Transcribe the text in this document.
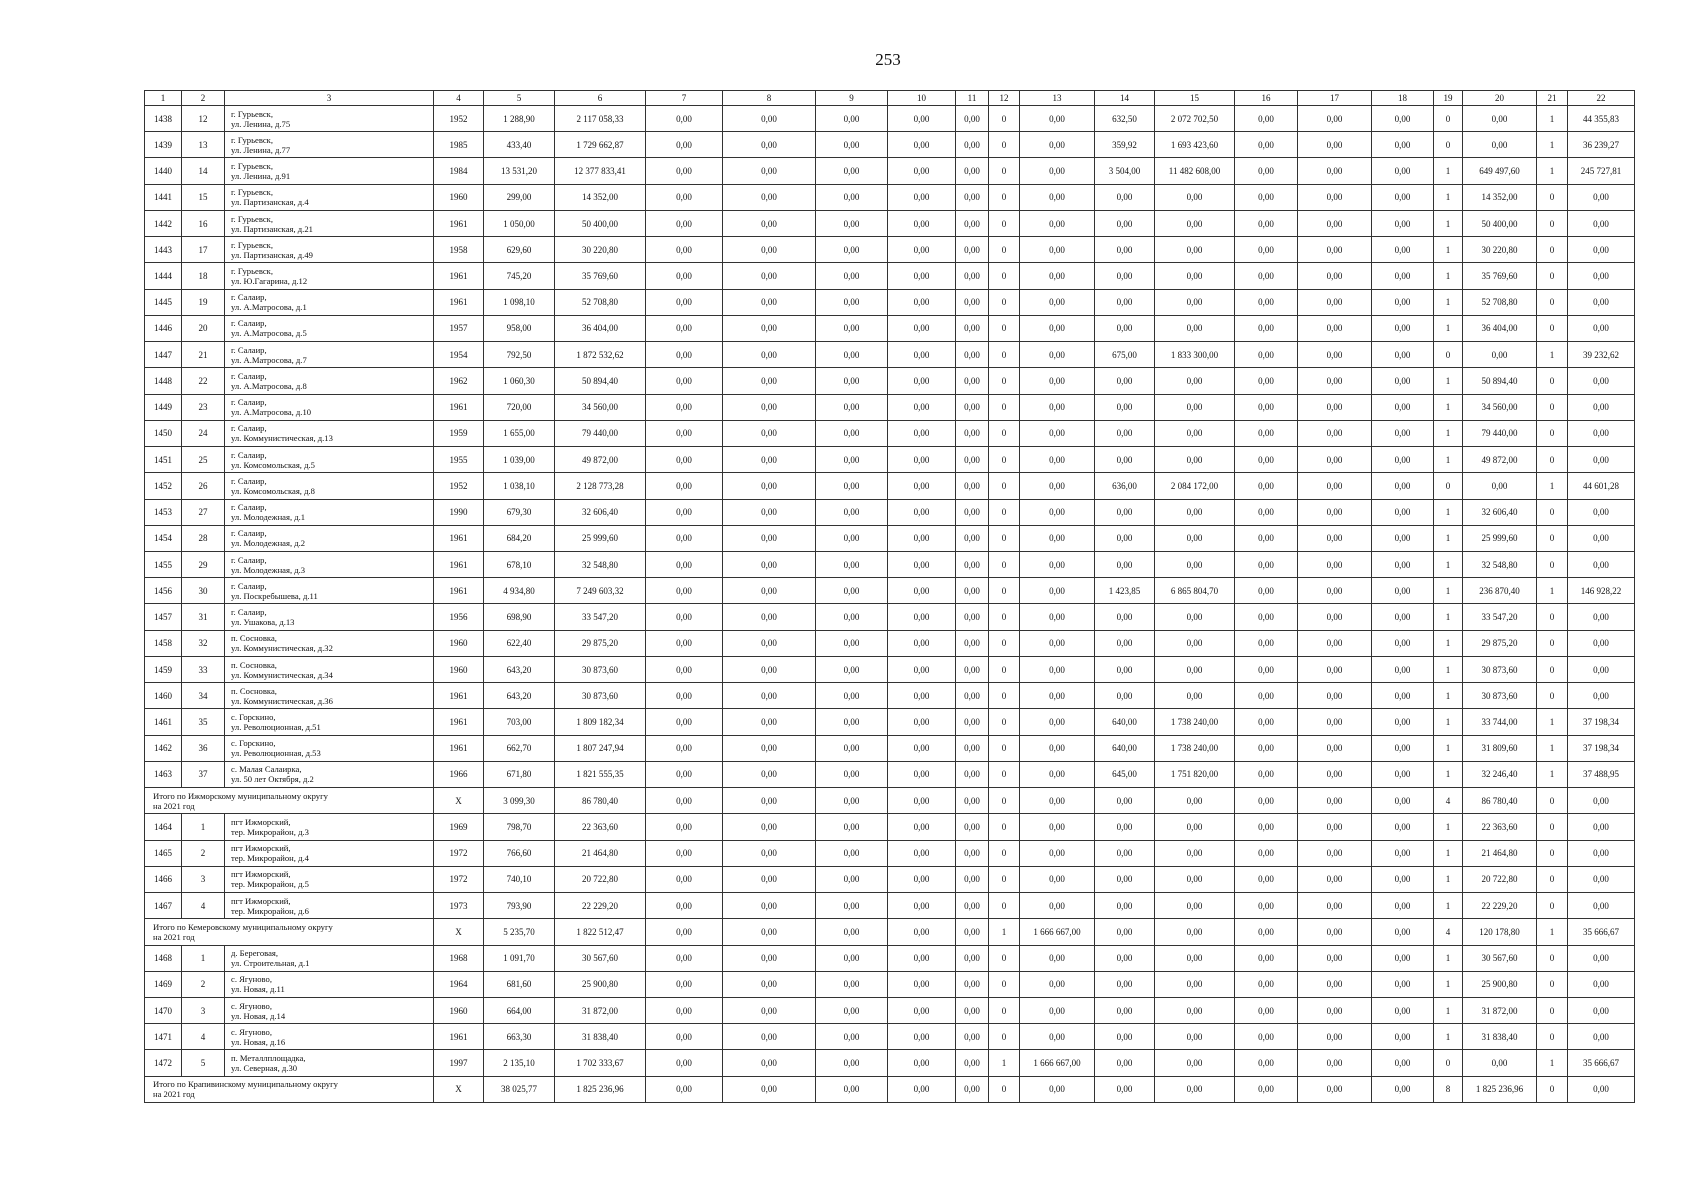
253
1	2	3	4	5	6	7	8	9	10	11	12	13	14	15	16	17	18	19	20	21	22
1438	12	г. Гурьевск,
ул. Ленина, д.75	1952	1 288,90	2 117 058,33	0,00	0,00	0,00	0,00	0,00	0	0,00	632,50	2 072 702,50	0,00	0,00	0,00	0	0,00	1	44 355,83
1439	13	г. Гурьевск,
ул. Ленина, д.77	1985	433,40	1 729 662,87	0,00	0,00	0,00	0,00	0,00	0	0,00	359,92	1 693 423,60	0,00	0,00	0,00	0	0,00	1	36 239,27
1440	14	г. Гурьевск,
ул. Ленина, д.91	1984	13 531,20	12 377 833,41	0,00	0,00	0,00	0,00	0,00	0	0,00	3 504,00	11 482 608,00	0,00	0,00	0,00	1	649 497,60	1	245 727,81
1441	15	г. Гурьевск,
ул. Партизанская, д.4	1960	299,00	14 352,00	0,00	0,00	0,00	0,00	0,00	0	0,00	0,00	0,00	0,00	0,00	0,00	1	14 352,00	0	0,00
1442	16	г. Гурьевск,
ул. Партизанская, д.21	1961	1 050,00	50 400,00	0,00	0,00	0,00	0,00	0,00	0	0,00	0,00	0,00	0,00	0,00	0,00	1	50 400,00	0	0,00
1443	17	г. Гурьевск,
ул. Партизанская, д.49	1958	629,60	30 220,80	0,00	0,00	0,00	0,00	0,00	0	0,00	0,00	0,00	0,00	0,00	0,00	1	30 220,80	0	0,00
1444	18	г. Гурьевск,
ул. Ю.Гагарина, д.12	1961	745,20	35 769,60	0,00	0,00	0,00	0,00	0,00	0	0,00	0,00	0,00	0,00	0,00	0,00	1	35 769,60	0	0,00
1445	19	г. Салаир,
ул. А.Матросова, д.1	1961	1 098,10	52 708,80	0,00	0,00	0,00	0,00	0,00	0	0,00	0,00	0,00	0,00	0,00	0,00	1	52 708,80	0	0,00
1446	20	г. Салаир,
ул. А.Матросова, д.5	1957	958,00	36 404,00	0,00	0,00	0,00	0,00	0,00	0	0,00	0,00	0,00	0,00	0,00	0,00	1	36 404,00	0	0,00
1447	21	г. Салаир,
ул. А.Матросова, д.7	1954	792,50	1 872 532,62	0,00	0,00	0,00	0,00	0,00	0	0,00	675,00	1 833 300,00	0,00	0,00	0,00	0	0,00	1	39 232,62
1448	22	г. Салаир,
ул. А.Матросова, д.8	1962	1 060,30	50 894,40	0,00	0,00	0,00	0,00	0,00	0	0,00	0,00	0,00	0,00	0,00	0,00	1	50 894,40	0	0,00
1449	23	г. Салаир,
ул. А.Матросова, д.10	1961	720,00	34 560,00	0,00	0,00	0,00	0,00	0,00	0	0,00	0,00	0,00	0,00	0,00	0,00	1	34 560,00	0	0,00
1450	24	г. Салаир,
ул. Коммунистическая, д.13	1959	1 655,00	79 440,00	0,00	0,00	0,00	0,00	0,00	0	0,00	0,00	0,00	0,00	0,00	0,00	1	79 440,00	0	0,00
1451	25	г. Салаир,
ул. Комсомольская, д.5	1955	1 039,00	49 872,00	0,00	0,00	0,00	0,00	0,00	0	0,00	0,00	0,00	0,00	0,00	0,00	1	49 872,00	0	0,00
1452	26	г. Салаир,
ул. Комсомольская, д.8	1952	1 038,10	2 128 773,28	0,00	0,00	0,00	0,00	0,00	0	0,00	636,00	2 084 172,00	0,00	0,00	0,00	0	0,00	1	44 601,28
1453	27	г. Салаир,
ул. Молодежная, д.1	1990	679,30	32 606,40	0,00	0,00	0,00	0,00	0,00	0	0,00	0,00	0,00	0,00	0,00	0,00	1	32 606,40	0	0,00
1454	28	г. Салаир,
ул. Молодежная, д.2	1961	684,20	25 999,60	0,00	0,00	0,00	0,00	0,00	0	0,00	0,00	0,00	0,00	0,00	0,00	1	25 999,60	0	0,00
1455	29	г. Салаир,
ул. Молодежная, д.3	1961	678,10	32 548,80	0,00	0,00	0,00	0,00	0,00	0	0,00	0,00	0,00	0,00	0,00	0,00	1	32 548,80	0	0,00
1456	30	г. Салаир,
ул. Поскребышева, д.11	1961	4 934,80	7 249 603,32	0,00	0,00	0,00	0,00	0,00	0	0,00	1 423,85	6 865 804,70	0,00	0,00	0,00	1	236 870,40	1	146 928,22
1457	31	г. Салаир,
ул. Ушакова, д.13	1956	698,90	33 547,20	0,00	0,00	0,00	0,00	0,00	0	0,00	0,00	0,00	0,00	0,00	0,00	1	33 547,20	0	0,00
1458	32	п. Сосновка,
ул. Коммунистическая, д.32	1960	622,40	29 875,20	0,00	0,00	0,00	0,00	0,00	0	0,00	0,00	0,00	0,00	0,00	0,00	1	29 875,20	0	0,00
1459	33	п. Сосновка,
ул. Коммунистическая, д.34	1960	643,20	30 873,60	0,00	0,00	0,00	0,00	0,00	0	0,00	0,00	0,00	0,00	0,00	0,00	1	30 873,60	0	0,00
1460	34	п. Сосновка,
ул. Коммунистическая, д.36	1961	643,20	30 873,60	0,00	0,00	0,00	0,00	0,00	0	0,00	0,00	0,00	0,00	0,00	0,00	1	30 873,60	0	0,00
1461	35	с. Горскино,
ул. Революционная, д.51	1961	703,00	1 809 182,34	0,00	0,00	0,00	0,00	0,00	0	0,00	640,00	1 738 240,00	0,00	0,00	0,00	1	33 744,00	1	37 198,34
1462	36	с. Горскино,
ул. Революционная, д.53	1961	662,70	1 807 247,94	0,00	0,00	0,00	0,00	0,00	0	0,00	640,00	1 738 240,00	0,00	0,00	0,00	1	31 809,60	1	37 198,34
1463	37	с. Малая Салаирка,
ул. 50 лет Октября, д.2	1966	671,80	1 821 555,35	0,00	0,00	0,00	0,00	0,00	0	0,00	645,00	1 751 820,00	0,00	0,00	0,00	1	32 246,40	1	37 488,95
Итого по Ижморскому муниципальному округу
на 2021 год			X	3 099,30	86 780,40	0,00	0,00	0,00	0,00	0,00	0	0,00	0,00	0,00	0,00	0,00	0,00	4	86 780,40	0	0,00
1464	1	пгт Ижморский,
тер. Микрорайон, д.3	1969	798,70	22 363,60	0,00	0,00	0,00	0,00	0,00	0	0,00	0,00	0,00	0,00	0,00	0,00	1	22 363,60	0	0,00
1465	2	пгт Ижморский,
тер. Микрорайон, д.4	1972	766,60	21 464,80	0,00	0,00	0,00	0,00	0,00	0	0,00	0,00	0,00	0,00	0,00	0,00	1	21 464,80	0	0,00
1466	3	пгт Ижморский,
тер. Микрорайон, д.5	1972	740,10	20 722,80	0,00	0,00	0,00	0,00	0,00	0	0,00	0,00	0,00	0,00	0,00	0,00	1	20 722,80	0	0,00
1467	4	пгт Ижморский,
тер. Микрорайон, д.6	1973	793,90	22 229,20	0,00	0,00	0,00	0,00	0,00	0	0,00	0,00	0,00	0,00	0,00	0,00	1	22 229,20	0	0,00
Итого по Кемеровскому муниципальному округу
на 2021 год			X	5 235,70	1 822 512,47	0,00	0,00	0,00	0,00	0,00	1	1 666 667,00	0,00	0,00	0,00	0,00	0,00	4	120 178,80	1	35 666,67
1468	1	д. Береговая,
ул. Строительная, д.1	1968	1 091,70	30 567,60	0,00	0,00	0,00	0,00	0,00	0	0,00	0,00	0,00	0,00	0,00	0,00	1	30 567,60	0	0,00
1469	2	с. Ягуново,
ул. Новая, д.11	1964	681,60	25 900,80	0,00	0,00	0,00	0,00	0,00	0	0,00	0,00	0,00	0,00	0,00	0,00	1	25 900,80	0	0,00
1470	3	с. Ягуново,
ул. Новая, д.14	1960	664,00	31 872,00	0,00	0,00	0,00	0,00	0,00	0	0,00	0,00	0,00	0,00	0,00	0,00	1	31 872,00	0	0,00
1471	4	с. Ягуново,
ул. Новая, д.16	1961	663,30	31 838,40	0,00	0,00	0,00	0,00	0,00	0	0,00	0,00	0,00	0,00	0,00	0,00	1	31 838,40	0	0,00
1472	5	п. Металлплощадка,
ул. Северная, д.30	1997	2 135,10	1 702 333,67	0,00	0,00	0,00	0,00	0,00	1	1 666 667,00	0,00	0,00	0,00	0,00	0,00	0	0,00	1	35 666,67
Итого по Крапивинскому муниципальному округу
на 2021 год			X	38 025,77	1 825 236,96	0,00	0,00	0,00	0,00	0,00	0	0,00	0,00	0,00	0,00	0,00	0,00	8	1 825 236,96	0	0,00
